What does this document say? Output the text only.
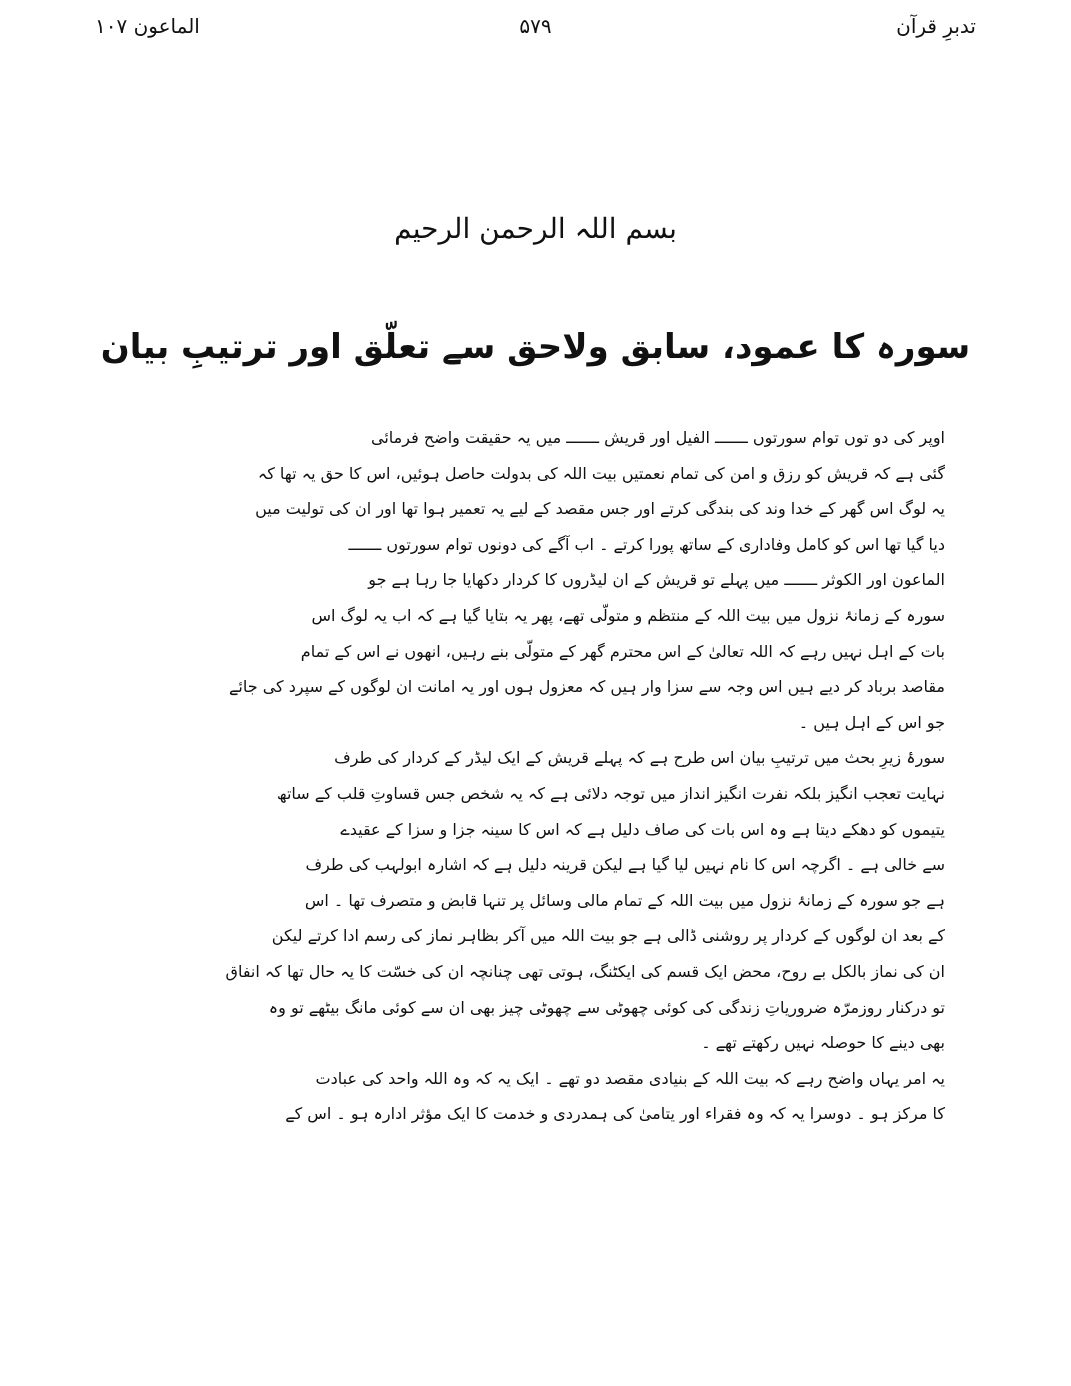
تدبرِ قرآن
۵۷۹
الماعون ۱۰۷
بسم اللہ الرحمن الرحیم
سورہ کا عمود، سابق ولاحق سے تعلّق اور ترتیبِ بیان

اوپر کی دو توں توام سورتوں ـــــــ الفیل اور قریش ـــــــ میں یہ حقیقت واضح فرمائی
گئی ہے کہ قریش کو رزق و امن کی تمام نعمتیں بیت اللہ کی بدولت حاصل ہوئیں، اس کا حق یہ تھا کہ
یہ لوگ اس گھر کے خدا وند کی بندگی کرتے اور جس مقصد کے لیے یہ تعمیر ہوا تھا اور ان کی تولیت میں
دیا گیا تھا اس کو کامل وفاداری کے ساتھ پورا کرتے ۔ اب آگے کی دونوں توام سورتوں ـــــــ
الماعون اور الکوثر ـــــــ میں پہلے تو قریش کے ان لیڈروں کا کردار دکھایا جا رہا ہے جو
سورہ کے زمانۂ نزول میں بیت اللہ کے منتظم و متولّی تھے، پھر یہ بتایا گیا ہے کہ اب یہ لوگ اس
بات کے اہل نہیں رہے کہ اللہ تعالیٰ کے اس محترم گھر کے متولّی بنے رہیں، انھوں نے اس کے تمام
مقاصد برباد کر دیے ہیں اس وجہ سے سزا وار ہیں کہ معزول ہوں اور یہ امانت ان لوگوں کے سپرد کی جائے
جو اس کے اہل ہیں ۔

سورۂ زیرِ بحث میں ترتیبِ بیان اس طرح ہے کہ پہلے قریش کے ایک لیڈر کے کردار کی طرف
نہایت تعجب انگیز بلکہ نفرت انگیز انداز میں توجہ دلائی ہے کہ یہ شخص جس قساوتِ قلب کے ساتھ
یتیموں کو دھکے دیتا ہے وہ اس بات کی صاف دلیل ہے کہ اس کا سینہ جزا و سزا کے عقیدے
سے خالی ہے ۔ اگرچہ اس کا نام نہیں لیا گیا ہے لیکن قرینہ دلیل ہے کہ اشارہ ابولہب کی طرف
ہے جو سورہ کے زمانۂ نزول میں بیت اللہ کے تمام مالی وسائل پر تنہا قابض و متصرف تھا ۔ اس
کے بعد ان لوگوں کے کردار پر روشنی ڈالی ہے جو بیت اللہ میں آکر بظاہر نماز کی رسم ادا کرتے لیکن
ان کی نماز بالکل بے روح، محض ایک قسم کی ایکٹنگ، ہوتی تھی چنانچہ ان کی خسّت کا یہ حال تھا کہ انفاق
تو درکنار روزمرّہ ضروریاتِ زندگی کی کوئی چھوٹی سے چھوٹی چیز بھی ان سے کوئی مانگ بیٹھے تو وہ
بھی دینے کا حوصلہ نہیں رکھتے تھے ۔

یہ امر یہاں واضح رہے کہ بیت اللہ کے بنیادی مقصد دو تھے ۔ ایک یہ کہ وہ اللہ واحد کی عبادت
کا مرکز ہو ۔ دوسرا یہ کہ وہ فقراء اور یتامیٰ کی ہمدردی و خدمت کا ایک مؤثر ادارہ ہو ۔ اس کے
